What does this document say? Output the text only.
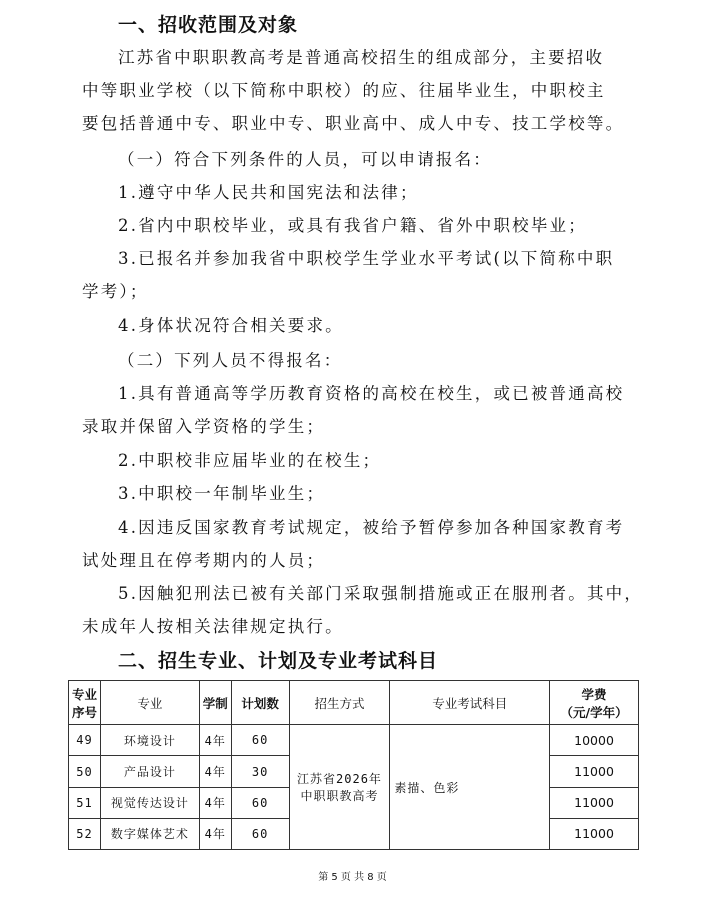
一、招收范围及对象
江苏省中职职教高考是普通高校招生的组成部分，主要招收
中等职业学校（以下简称中职校）的应、往届毕业生，中职校主
要包括普通中专、职业中专、职业高中、成人中专、技工学校等。
（一）符合下列条件的人员，可以申请报名：
1.遵守中华人民共和国宪法和法律；
2.省内中职校毕业，或具有我省户籍、省外中职校毕业；
3.已报名并参加我省中职校学生学业水平考试(以下简称中职
学考）；
4.身体状况符合相关要求。
（二）下列人员不得报名：
1.具有普通高等学历教育资格的高校在校生，或已被普通高校
录取并保留入学资格的学生；
2.中职校非应届毕业的在校生；
3.中职校一年制毕业生；
4.因违反国家教育考试规定，被给予暂停参加各种国家教育考
试处理且在停考期内的人员；
5.因触犯刑法已被有关部门采取强制措施或正在服刑者。其中，
未成年人按相关法律规定执行。
二、招生专业、计划及专业考试科目
专业
序号	专业	学制	计划数	招生方式	专业考试科目	学费
（元/学年）
49	环境设计	4年	60	江苏省2026年
中职职教高考	素描、色彩	10000
50	产品设计	4年	30			11000
51	视觉传达设计	4年	60			11000
52	数字媒体艺术	4年	60			11000
第 5 页 共 8 页
